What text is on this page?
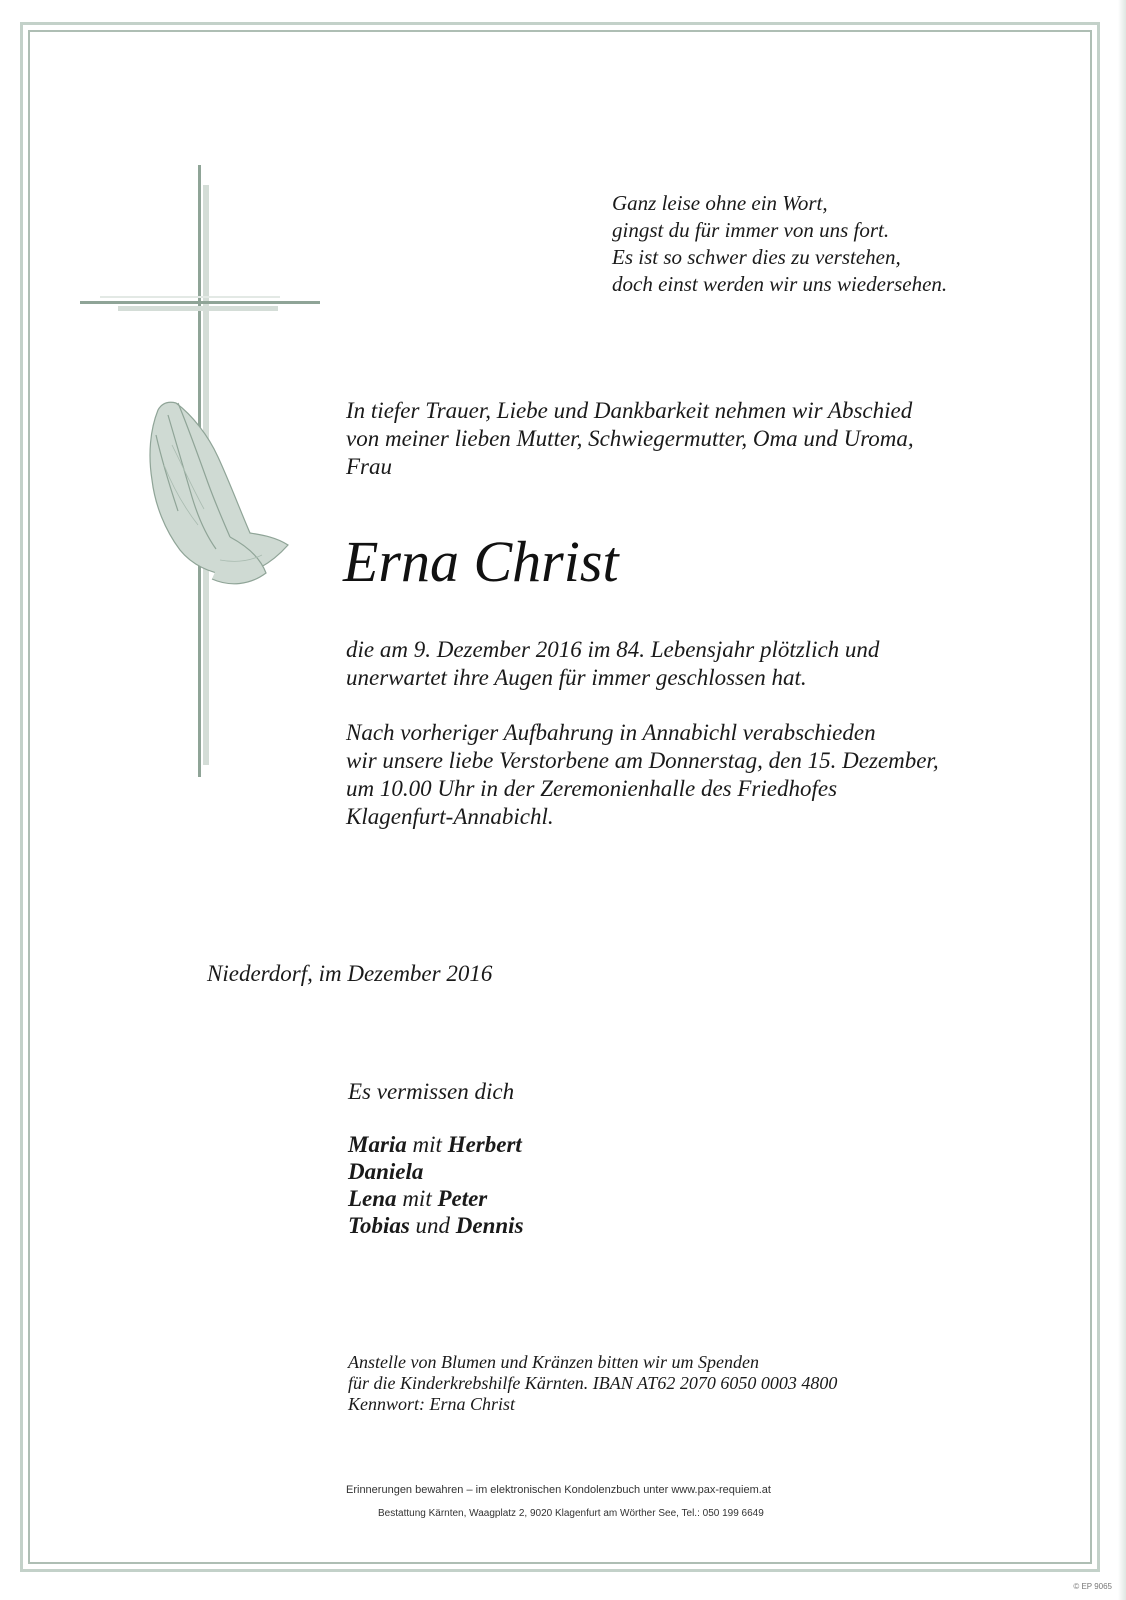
Ganz leise ohne ein Wort,
gingst du für immer von uns fort.
Es ist so schwer dies zu verstehen,
doch einst werden wir uns wiedersehen.
In tiefer Trauer, Liebe und Dankbarkeit nehmen wir Abschied
von meiner lieben Mutter, Schwiegermutter, Oma und Uroma,
Frau
Erna Christ
die am 9. Dezember 2016 im 84. Lebensjahr plötzlich und
unerwartet ihre Augen für immer geschlossen hat.
Nach vorheriger Aufbahrung in Annabichl verabschieden
wir unsere liebe Verstorbene am Donnerstag, den 15. Dezember,
um 10.00 Uhr in der Zeremonienhalle des Friedhofes
Klagenfurt-Annabichl.
Niederdorf, im Dezember 2016
Es vermissen dich
Maria mit Herbert
Daniela
Lena mit Peter
Tobias und Dennis
Anstelle von Blumen und Kränzen bitten wir um Spenden
für die Kinderkrebshilfe Kärnten. IBAN AT62 2070 6050 0003 4800
Kennwort: Erna Christ
Erinnerungen bewahren – im elektronischen Kondolenzbuch unter www.pax-requiem.at
Bestattung Kärnten, Waagplatz 2, 9020 Klagenfurt am Wörther See, Tel.: 050 199 6649
© EP 9065
